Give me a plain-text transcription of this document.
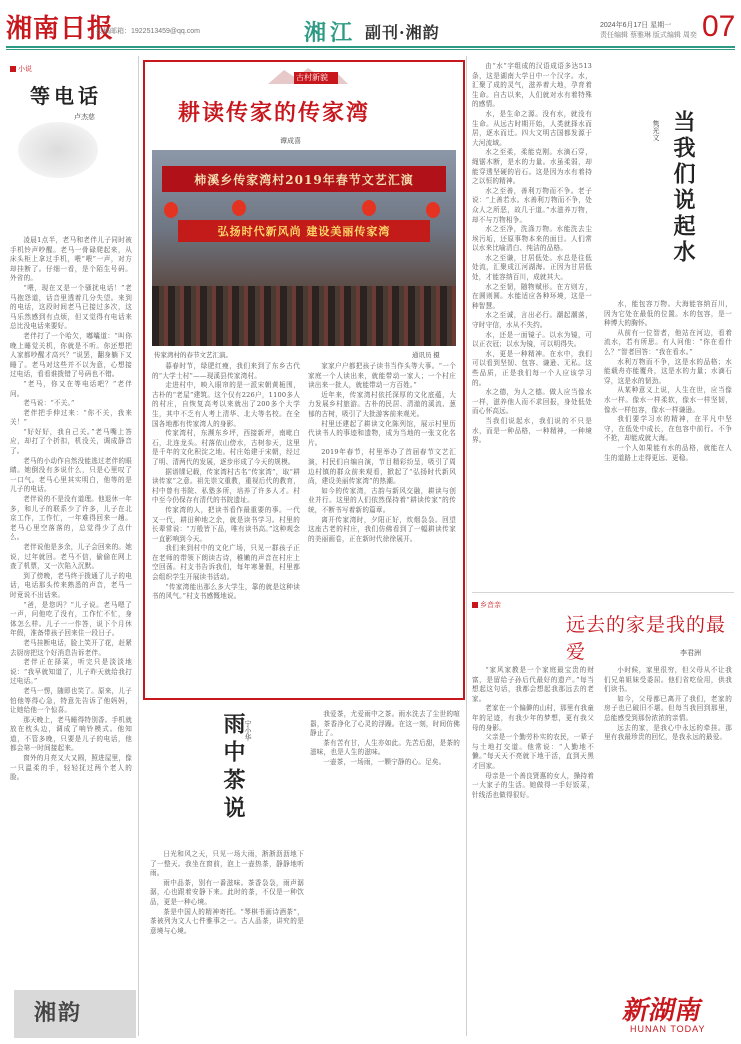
湘南日报
投稿邮箱：1922513459@qq.com	湘江 副刊·湘韵	2024年6月17日 星期一
责任编辑 蔡雅琳 版式编辑 周奕 07
小说
等电话
卢杰慈

凌晨1点半，老马和老伴儿子同时被手机铃声吵醒。老马一骨碌爬起来，从床头柜上拿过手机，喂“喂”一声，对方却挂断了。仔细一看，是个陌生号码。外省的。

“喂，现在又是一个骚扰电话！”老马抱怨道，话音里透着几分失望。来到的电话，这段时间老马已接过多次，这马乐然感到有点烦，但又觉得有电话来总比没电话来要好。

老伴打了一个哈欠，嘟囔道：“叫你晚上睡觉关机，你就是不听。你还想把人家都吵醒才高兴？”说罢，翻身躺下又睡了。老马对这些并不以为意，心想接过电话，看看谁拨错了号码也不错。

“老马，你又在等电话吧？”老伴问。

老马说：“不关。”

老伴把手伸过来：“你不关，我来关！”

“好好好，我自己关。”老马嘴上答应，却打了个折扣，机没关，调成静音了。

老马的小动作自然没能逃过老伴的眼睛。她倒没有多说什么，只是心里叹了一口气。老马心里其实明白，他等的是儿子的电话。

老伴说的不是没有道理。他退休一年多，和儿子的联系少了许多，儿子在北京工作，工作忙，一年难得回来一趟。老马心里空落落的，总觉得少了点什么。

老伴说他是多余，儿子会回来的。她说，过年就回。老马不信，偷偷在网上查了机票，又一次陷入沉默。

到了傍晚，老马终于拨通了儿子的电话，电话那头传来熟悉的声音，老马一时竟说不出话来。

“爸，是您吗？”儿子说。老马嗯了一声，问他吃了没有，工作忙不忙，身体怎么样。儿子一一作答，说下个月休年假，准备带孩子回来住一段日子。

老马挂断电话，脸上笑开了花，赶紧去厨房把这个好消息告诉老伴。

老伴正在择菜，听完只是淡淡地说：“我早就知道了，儿子昨天就给我打过电话。”

老马一愣，随即也笑了。原来，儿子怕他等得心急，特意先告诉了他妈妈，让她给他一个惊喜。

那天晚上，老马睡得特别香。手机就放在枕头边，调成了响铃模式。他知道，不管多晚，只要是儿子的电话，他都会第一时间接起来。

窗外的月亮又大又圆，照进屋里，像一只温柔的手，轻轻抚过两个老人的脸。

湘韵
古村新貌
耕读传家的传家湾
谭成喜
柿溪乡传家湾村2019年春节文艺汇演
弘扬时代新风尚 建设美丽传家湾
传家湾村的春节文艺汇演。	通讯员 摄

暮春时节，绿肥红瘦，我们来到了东乡古代的“大学士村”——现溪县传家湾村。

走进村中，映入眼帘的是一派宋朝黄栀围，古朴的“老屋”建筑。这个仅有226户，1100多人的村庄，自恢复高考以来就出了200多个大学生，其中不乏有人考上清华、北大等名校。在全国各地都有传家湾人的身影。

传家湾村，东濒东乡坪，西接新坪，南毗白石，北连龙头。村落依山傍水，古树参天，这里是千年的文化积淀之地。村庄始建于宋朝，经过了明、清两代的发展，逐步形成了今天的规模。

据谱牒记载，传家湾村古名“传家湾”，取“耕读传家”之意。祖先崇文重教，重视后代的教育，村中曾有书院、私塾多所，培养了许多人才。村中至今仍保存有清代的书院遗址。

传家湾的人，把读书看作最重要的事。一代又一代，耕田种地之余，就是读书学习。村里的长辈常说：“万般皆下品，唯有读书高。”这种观念一直影响到今天。

我们来到村中的文化广场，只见一群孩子正在老师的带领下朗读古诗，稚嫩的声音在村庄上空回荡。村支书告诉我们，每年寒暑假，村里都会组织学生开展读书活动。

“传家湾能出那么多大学生，靠的就是这种读书的风气。”村支书感慨地说。

家家户户都把孩子读书当作头等大事。“一个家庭一个人读出来，就能带动一家人；一个村庄读出来一批人，就能带动一方百姓。”

近年来，传家湾村依托深厚的文化底蕴，大力发展乡村旅游。古朴的民居、清澈的溪流、葱郁的古树，吸引了大批游客前来观光。

村里还建起了耕读文化陈列馆，展示村里历代读书人的事迹和遗物，成为当地的一张文化名片。

2019年春节，村里举办了首届春节文艺汇演，村民们自编自演，节目精彩纷呈，吸引了周边村镇的群众前来观看，掀起了“弘扬时代新风尚，建设美丽传家湾”的热潮。

如今的传家湾，古韵与新风交融，耕读与创业并行。这里的人们依然保持着“耕读传家”的传统，不断书写着新的篇章。

离开传家湾时，夕阳正好，炊烟袅袅。回望这座古老的村庄，我们仿佛看到了一幅耕读传家的美丽画卷，正在新时代徐徐展开。

由“水”字组成的汉语成语多达513条，这是湖南大学日中一个汉字。水，汇聚了成的灵气，滋养着大地，孕育着生命。自古以来，人们就对水有着特殊的感情。

水，是生命之源。没有水，就没有生命。从远古时期开始，人类就择水而居，逐水而迁。四大文明古国都发源于大河流域。

水之至柔，柔能克刚。水滴石穿，绳锯木断，是水的力量。水虽柔弱，却能穿透坚硬的岩石。这是因为水有着持之以恒的精神。

水之至善，善利万物而不争。老子说：“上善若水。水善利万物而不争，处众人之所恶，故几于道。”水滋养万物，却不与万物相争。

水之至净，洗涤万物。水能洗去尘埃污垢，还原事物本来的面目。人们常以水来比喻清白、纯洁的品格。

水之至谦，甘居低处。水总是往低处流，汇聚成江河湖海。正因为甘居低处，才能容纳百川，成就其大。

水之至韧，随物赋形。在方则方，在圆则圆。水能适应各种环境，这是一种智慧。

水之至诚，言出必行。潮起潮落，守时守信，水从不失约。

水，还是一面镜子。以水为镜，可以正衣冠；以水为镜，可以明得失。

水，更是一种精神。在水中，我们可以看到坚韧、包容、谦逊、无私。这些品质，正是我们每一个人应该学习的。

水之德，为人之德。做人应当像水一样，滋养他人而不求回报，身处低处而心怀高远。

当我们说起水，我们说的不只是水，而是一种品格，一种精神，一种境界。

当我们说起水
隽光文

水，能包容万物。大海能容纳百川，因为它处在最低的位置。水的包容，是一种博大的胸怀。

从前有一位智者，他站在河边，看着流水，若有所思。有人问他：“你在看什么？”智者回答：“我在看水。”

水利万物而不争，这是水的品格；水能载舟亦能覆舟，这是水的力量；水滴石穿，这是水的韧劲。

从某种意义上说，人生在世，应当像水一样。像水一样柔软，像水一样坚韧，像水一样包容，像水一样谦逊。

我们要学习水的精神，在平凡中坚守，在低处中成长，在包容中前行。不争不抢，却能成就大海。

一个人如果能有水的品格，就能在人生的道路上走得更远、更稳。

雨中茶说
宁小华

日光和风之天，只见一场大雨，淅淅沥沥地下了一整天。我坐在窗前，泡上一壶热茶，静静地听雨。

雨中品茶，别有一番滋味。茶香袅袅，雨声潺潺，心也跟着安静下来。此时的茶，不仅是一种饮品，更是一种心境。

茶是中国人的精神寄托。“琴棋书画诗酒茶”，茶被列为文人七件雅事之一。古人品茶，讲究的是意境与心境。

我爱茶，尤爱雨中之茶。雨水洗去了尘世的喧嚣，茶香净化了心灵的浮躁。在这一刻，时间仿佛静止了。

茶有苦有甘，人生亦如此。先苦后甜，是茶的滋味，也是人生的滋味。

一壶茶，一场雨，一颗宁静的心。足矣。

乡音亲
远去的家是我的最爱	李君洲

“家风家教是一个家庭最宝贵的财富，是留给子孙后代最好的遗产。”每当想起这句话，我都会想起我那远去的老家。

老家在一个偏僻的山村，那里有我童年的足迹，有我少年的梦想，更有我父母的身影。

父亲是一个勤劳朴实的农民，一辈子与土地打交道。他常说：“人勤地不懒。”每天天不亮就下地干活，直到天黑才回家。

母亲是一个善良贤惠的女人，操持着一大家子的生活。她做得一手好饭菜，针线活也做得很好。

小时候，家里很穷，但父母从不让我们兄弟姐妹受委屈。他们省吃俭用，供我们读书。

如今，父母都已离开了我们，老家的房子也已破旧不堪。但每当我回到那里，总能感受到那份浓浓的亲情。

远去的家，是我心中永远的牵挂。那里有我最珍贵的回忆，是我永远的最爱。

新湖南
HUNAN TODAY
